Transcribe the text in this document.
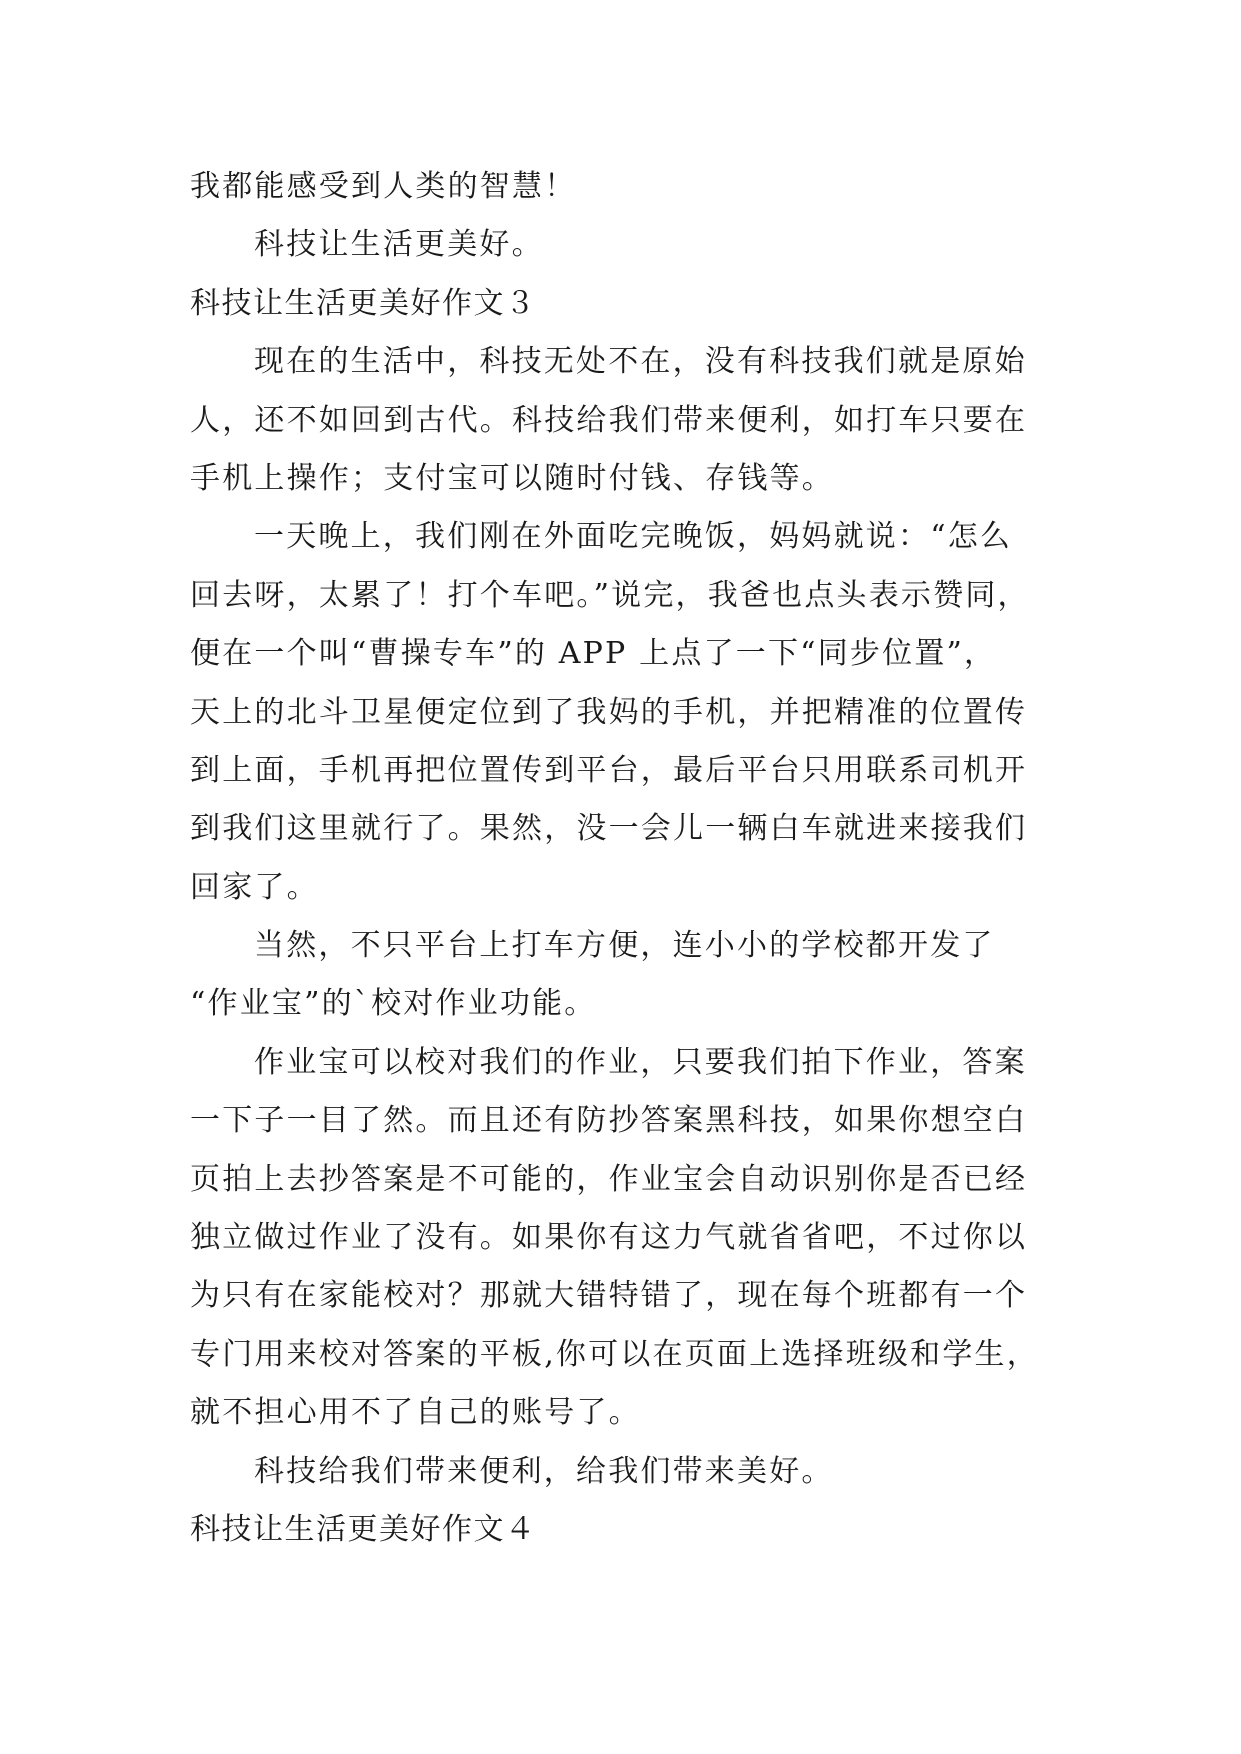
我都能感受到人类的智慧！
科技让生活更美好。
科技让生活更美好作文３
现在的生活中，科技无处不在，没有科技我们就是原始
人，还不如回到古代。科技给我们带来便利，如打车只要在
手机上操作；支付宝可以随时付钱、存钱等。
一天晚上，我们刚在外面吃完晚饭，妈妈就说：“怎么
回去呀，太累了！打个车吧。”说完，我爸也点头表示赞同，
便在一个叫“曹操专车”的 APP 上点了一下“同步位置”，
天上的北斗卫星便定位到了我妈的手机，并把精准的位置传
到上面，手机再把位置传到平台，最后平台只用联系司机开
到我们这里就行了。果然，没一会儿一辆白车就进来接我们
回家了。
当然，不只平台上打车方便，连小小的学校都开发了
“作业宝”的`校对作业功能。
作业宝可以校对我们的作业，只要我们拍下作业，答案
一下子一目了然。而且还有防抄答案黑科技，如果你想空白
页拍上去抄答案是不可能的，作业宝会自动识别你是否已经
独立做过作业了没有。如果你有这力气就省省吧，不过你以
为只有在家能校对？那就大错特错了，现在每个班都有一个
专门用来校对答案的平板,你可以在页面上选择班级和学生，
就不担心用不了自己的账号了。
科技给我们带来便利，给我们带来美好。
科技让生活更美好作文４
